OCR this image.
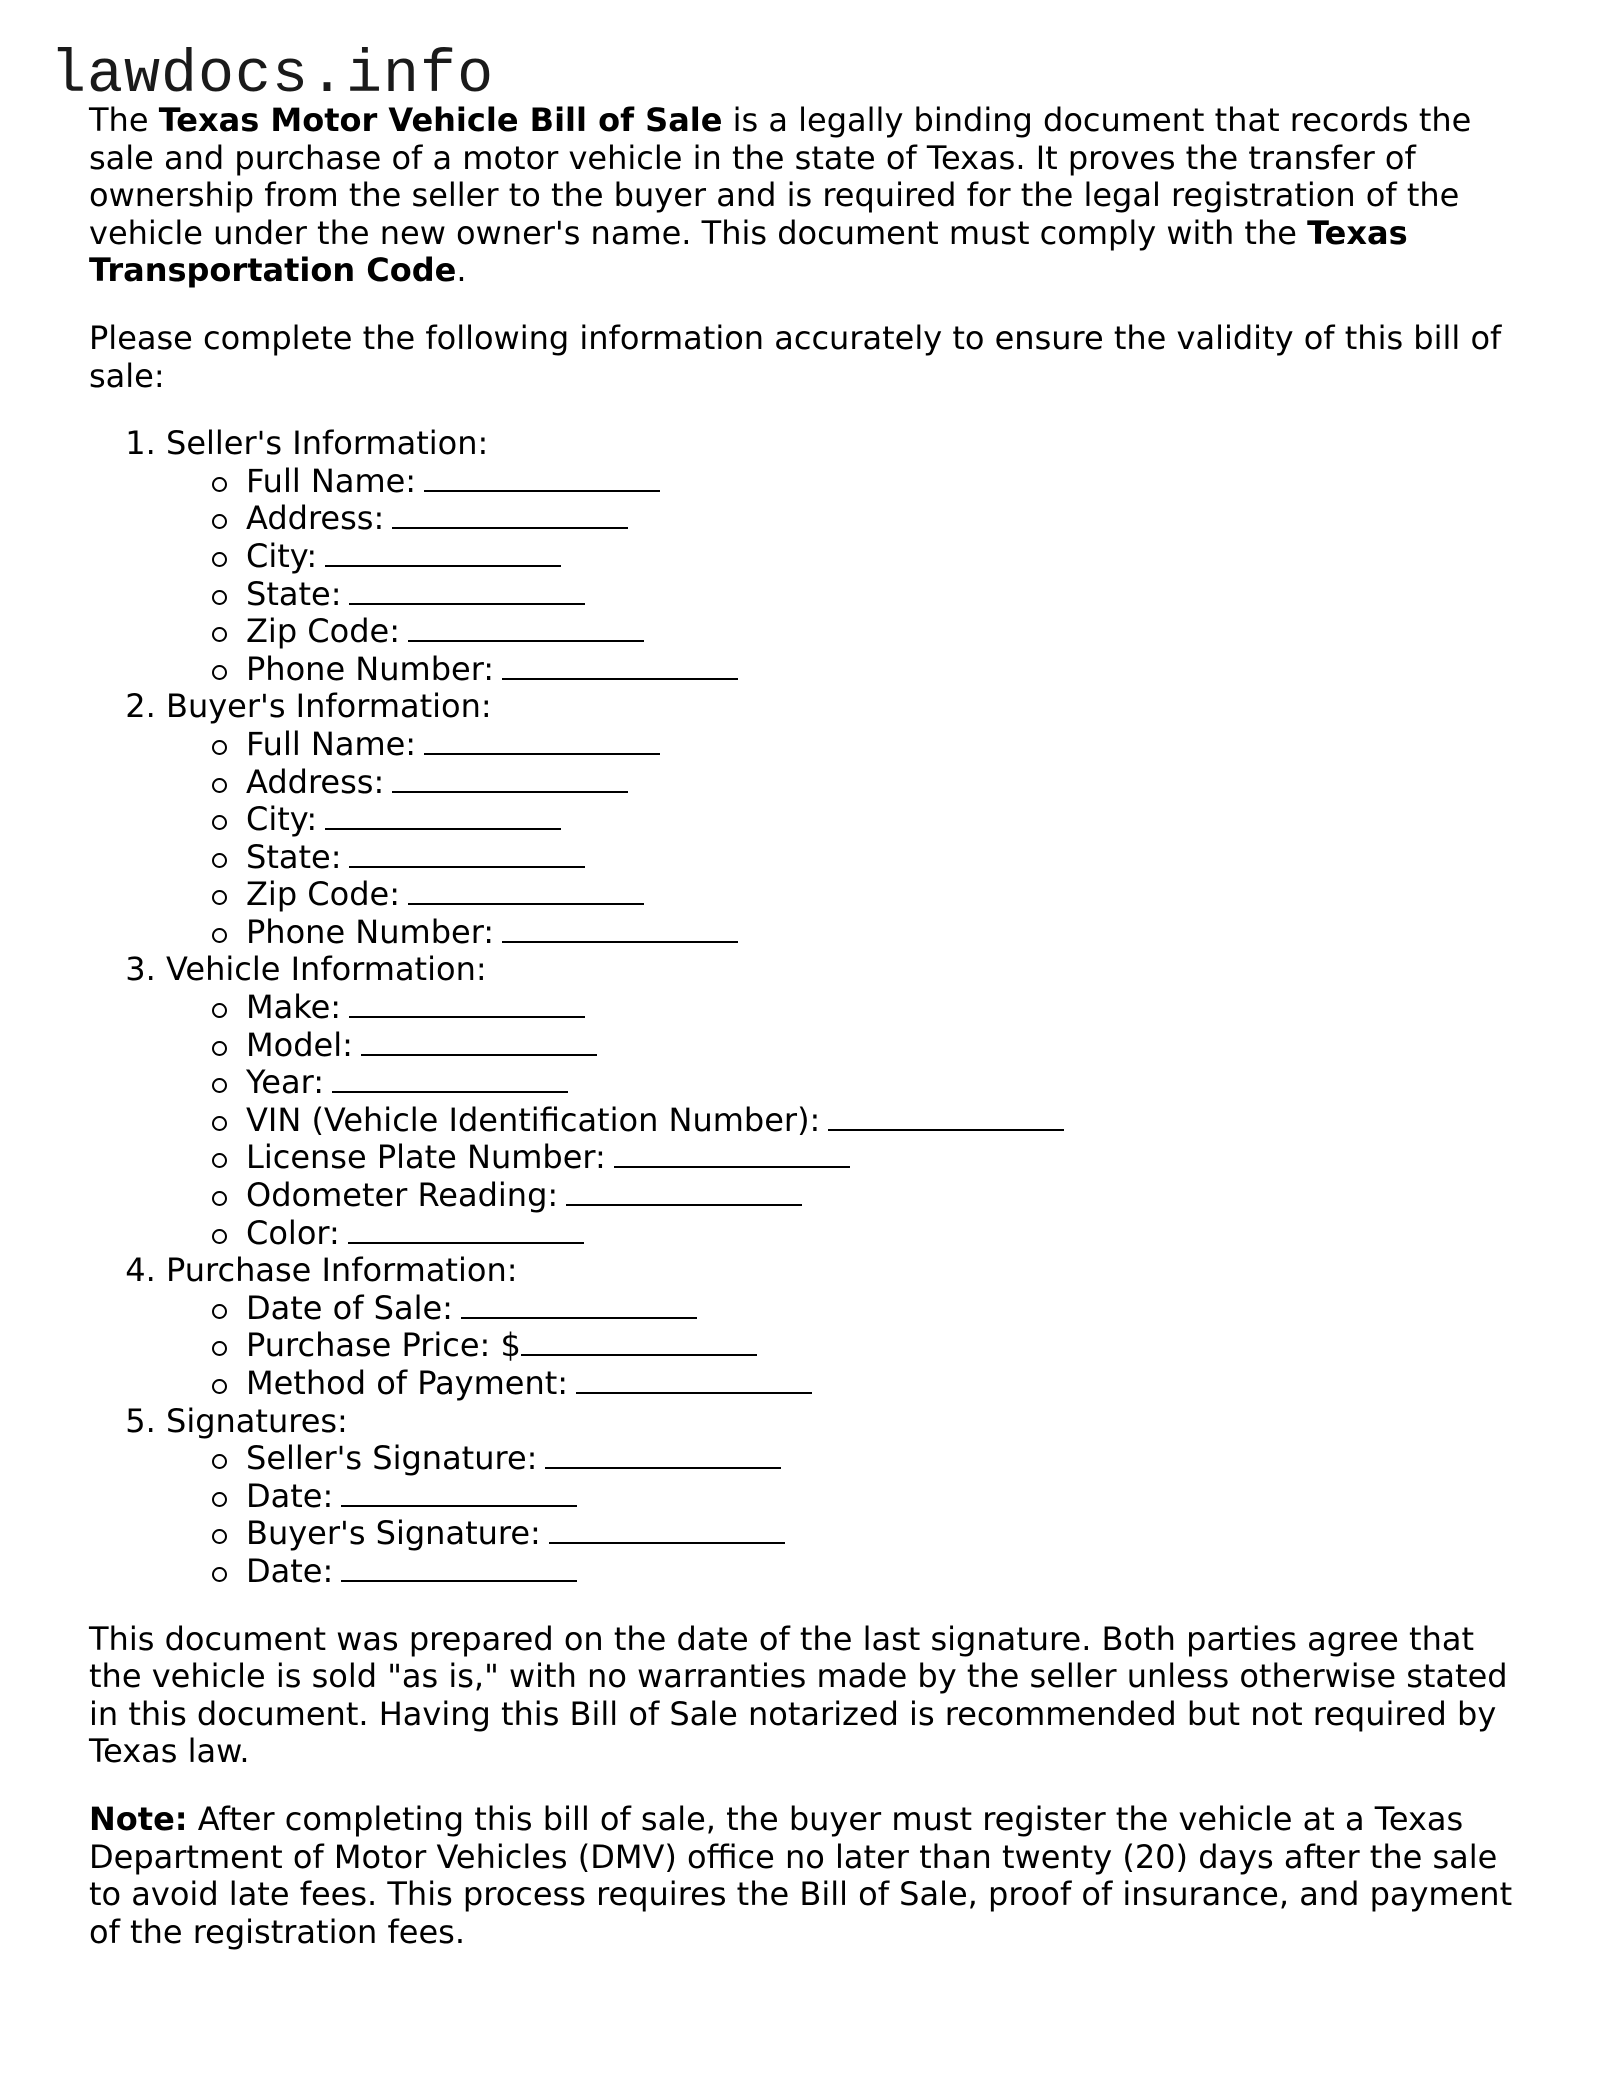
lawdocs.info

The Texas Motor Vehicle Bill of Sale is a legally binding document that records the sale and purchase of a motor vehicle in the state of Texas. It proves the transfer of ownership from the seller to the buyer and is required for the legal registration of the vehicle under the new owner's name. This document must comply with the Texas Transportation Code.

Please complete the following information accurately to ensure the validity of this bill of sale:

1. Seller's Information:
Full Name:
Address:
City:
State:
Zip Code:
Phone Number:
2. Buyer's Information:
Full Name:
Address:
City:
State:
Zip Code:
Phone Number:
3. Vehicle Information:
Make:
Model:
Year:
VIN (Vehicle Identification Number):
License Plate Number:
Odometer Reading:
Color:
4. Purchase Information:
Date of Sale:
Purchase Price: $
Method of Payment:
5. Signatures:
Seller's Signature:
Date:
Buyer's Signature:
Date:

This document was prepared on the date of the last signature. Both parties agree that the vehicle is sold "as is," with no warranties made by the seller unless otherwise stated in this document. Having this Bill of Sale notarized is recommended but not required by Texas law.

Note: After completing this bill of sale, the buyer must register the vehicle at a Texas Department of Motor Vehicles (DMV) office no later than twenty (20) days after the sale to avoid late fees. This process requires the Bill of Sale, proof of insurance, and payment of the registration fees.
